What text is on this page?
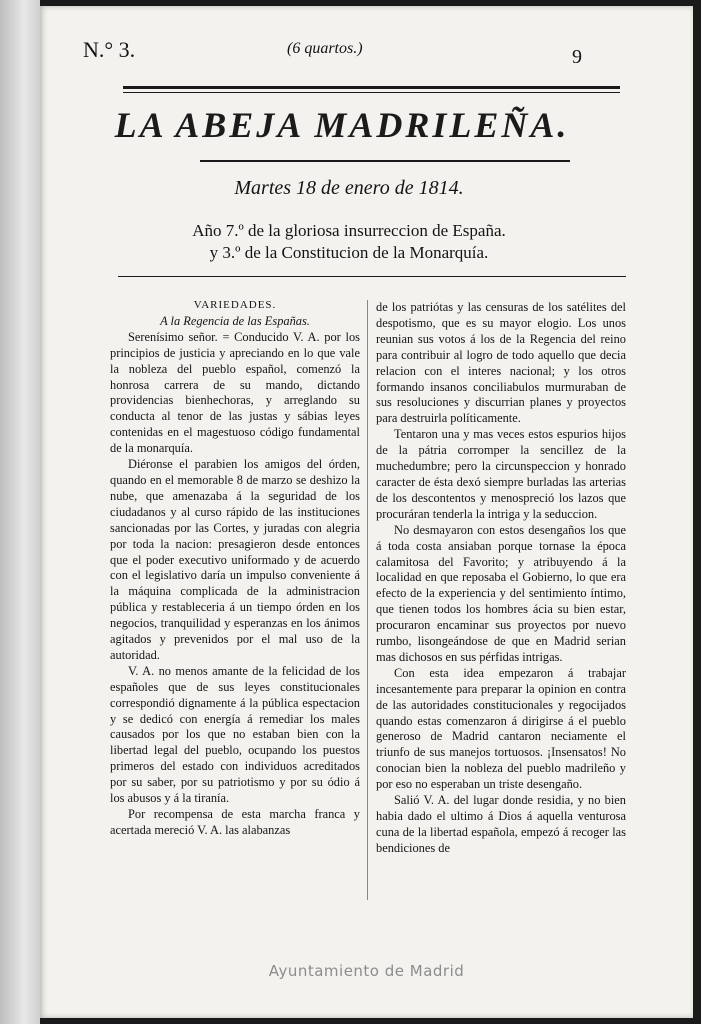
N.° 3.	(6 quartos.)	9
LA ABEJA MADRILEÑA.
Martes 18 de enero de 1814.
Año 7.º de la gloriosa insurreccion de España.
y 3.º de la Constitucion de la Monarquía.

VARIEDADES.

A la Regencia de las Españas.

Serenísimo señor. = Conducido V. A. por los principios de justicia y apreciando en lo que vale la nobleza del pueblo español, comenzó la honrosa carrera de su mando, dictando providencias bienhechoras, y arreglando su conducta al tenor de las justas y sábias leyes contenidas en el magestuoso código fundamental de la monarquía.

Diéronse el parabien los amigos del órden, quando en el memorable 8 de marzo se deshizo la nube, que amenazaba á la seguridad de los ciudadanos y al curso rápido de las instituciones sancionadas por las Cortes, y juradas con alegria por toda la nacion: presagieron desde entonces que el poder executivo uniformado y de acuerdo con el legislativo daría un impulso conveniente á la máquina complicada de la administracion pública y restableceria á un tiempo órden en los negocios, tranquilidad y esperanzas en los ánimos agitados y prevenidos por el mal uso de la autoridad.

V. A. no menos amante de la felicidad de los españoles que de sus leyes constitucionales correspondió dignamente á la pública espectacion y se dedicó con energía á remediar los males causados por los que no estaban bien con la libertad legal del pueblo, ocupando los puestos primeros del estado con individuos acreditados por su saber, por su patriotismo y por su ódio á los abusos y á la tiranía.

Por recompensa de esta marcha franca y acertada mereció V. A. las alabanzas

de los patriótas y las censuras de los satélites del despotismo, que es su mayor elogio. Los unos reunian sus votos á los de la Regencia del reino para contribuir al logro de todo aquello que decia relacion con el interes nacional; y los otros formando insanos conciliabulos murmuraban de sus resoluciones y discurrian planes y proyectos para destruirla políticamente.

Tentaron una y mas veces estos espurios hijos de la pátria corromper la sencillez de la muchedumbre; pero la circunspeccion y honrado caracter de ésta dexó siempre burladas las arterias de los descontentos y menospreció los lazos que procuráran tenderla la intriga y la seduccion.

No desmayaron con estos desengaños los que á toda costa ansiaban porque tornase la época calamitosa del Favorito; y atribuyendo á la localidad en que reposaba el Gobierno, lo que era efecto de la experiencia y del sentimiento íntimo, que tienen todos los hombres ácia su bien estar, procuraron encaminar sus proyectos por nuevo rumbo, lisongeándose de que en Madrid serian mas dichosos en sus pérfidas intrigas.

Con esta idea empezaron á trabajar incesantemente para preparar la opinion en contra de las autoridades constitucionales y regocijados quando estas comenzaron á dirigirse á el pueblo generoso de Madrid cantaron neciamente el triunfo de sus manejos tortuosos. ¡Insensatos! No conocian bien la nobleza del pueblo madrileño y por eso no esperaban un triste desengaño.

Salió V. A. del lugar donde residia, y no bien habia dado el ultimo á Dios á aquella venturosa cuna de la libertad española, empezó á recoger las bendiciones de

Ayuntamiento de Madrid
